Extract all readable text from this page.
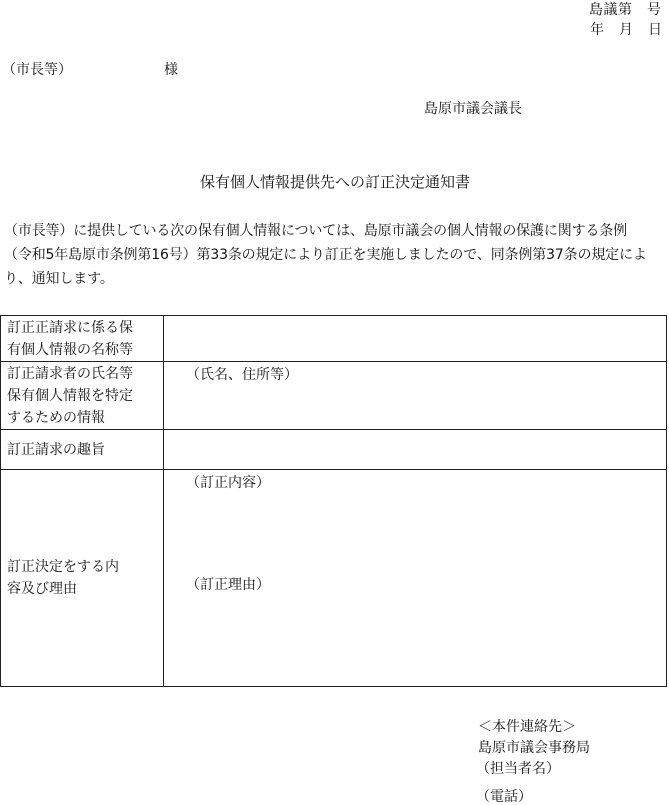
島議第　号
年　月　日
（市長等）	様
島原市議会議長
保有個人情報提供先への訂正決定通知書
（市長等）に提供している次の保有個人情報については、島原市議会の個人情報の保護に関する条例
（令和5年島原市条例第16号）第33条の規定により訂正を実施しましたので、同条例第37条の規定によ
り、通知します。
訂正正請求に係る保
有個人情報の名称等	

訂正請求者の氏名等
保有個人情報を特定
するための情報	（氏名、住所等）

訂正請求の趣旨	

訂正決定をする内
容及び理由	（訂正内容）
（訂正理由）
＜本件連絡先＞
島原市議会事務局
（担当者名）
（電話）
